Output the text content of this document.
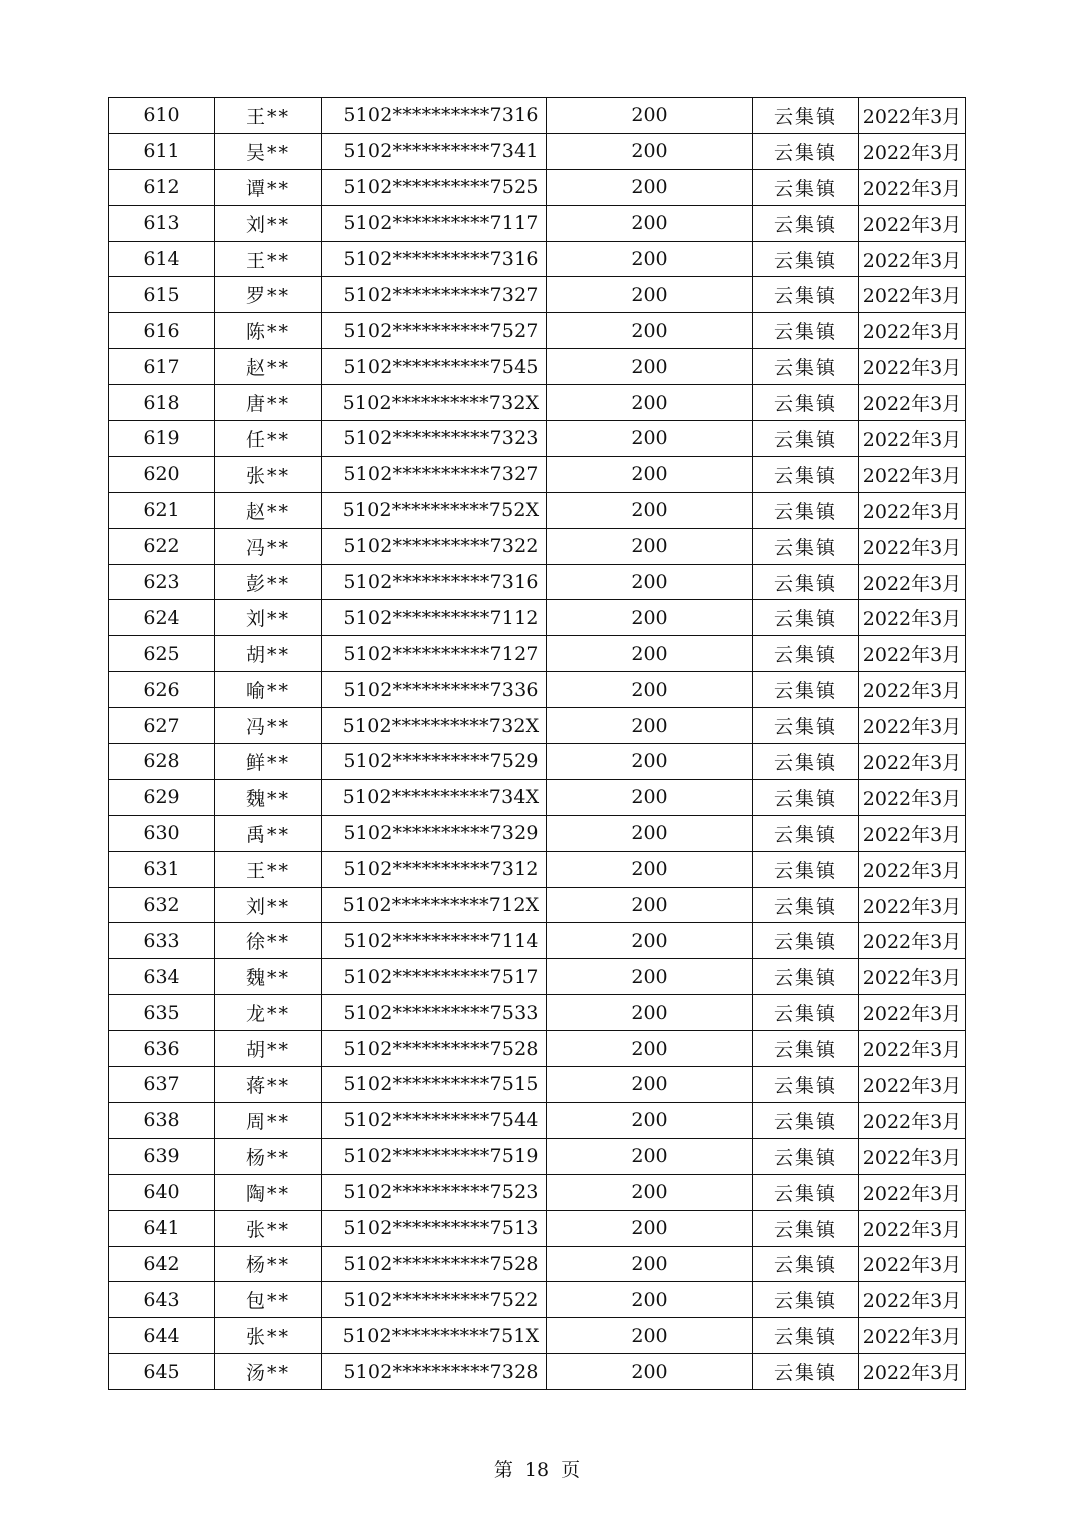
610	王**	5102**********7316	200	云集镇	2022年3月
611	吴**	5102**********7341	200	云集镇	2022年3月
612	谭**	5102**********7525	200	云集镇	2022年3月
613	刘**	5102**********7117	200	云集镇	2022年3月
614	王**	5102**********7316	200	云集镇	2022年3月
615	罗**	5102**********7327	200	云集镇	2022年3月
616	陈**	5102**********7527	200	云集镇	2022年3月
617	赵**	5102**********7545	200	云集镇	2022年3月
618	唐**	5102**********732X	200	云集镇	2022年3月
619	任**	5102**********7323	200	云集镇	2022年3月
620	张**	5102**********7327	200	云集镇	2022年3月
621	赵**	5102**********752X	200	云集镇	2022年3月
622	冯**	5102**********7322	200	云集镇	2022年3月
623	彭**	5102**********7316	200	云集镇	2022年3月
624	刘**	5102**********7112	200	云集镇	2022年3月
625	胡**	5102**********7127	200	云集镇	2022年3月
626	喻**	5102**********7336	200	云集镇	2022年3月
627	冯**	5102**********732X	200	云集镇	2022年3月
628	鲜**	5102**********7529	200	云集镇	2022年3月
629	魏**	5102**********734X	200	云集镇	2022年3月
630	禹**	5102**********7329	200	云集镇	2022年3月
631	王**	5102**********7312	200	云集镇	2022年3月
632	刘**	5102**********712X	200	云集镇	2022年3月
633	徐**	5102**********7114	200	云集镇	2022年3月
634	魏**	5102**********7517	200	云集镇	2022年3月
635	龙**	5102**********7533	200	云集镇	2022年3月
636	胡**	5102**********7528	200	云集镇	2022年3月
637	蒋**	5102**********7515	200	云集镇	2022年3月
638	周**	5102**********7544	200	云集镇	2022年3月
639	杨**	5102**********7519	200	云集镇	2022年3月
640	陶**	5102**********7523	200	云集镇	2022年3月
641	张**	5102**********7513	200	云集镇	2022年3月
642	杨**	5102**********7528	200	云集镇	2022年3月
643	包**	5102**********7522	200	云集镇	2022年3月
644	张**	5102**********751X	200	云集镇	2022年3月
645	汤**	5102**********7328	200	云集镇	2022年3月
第 18 页
